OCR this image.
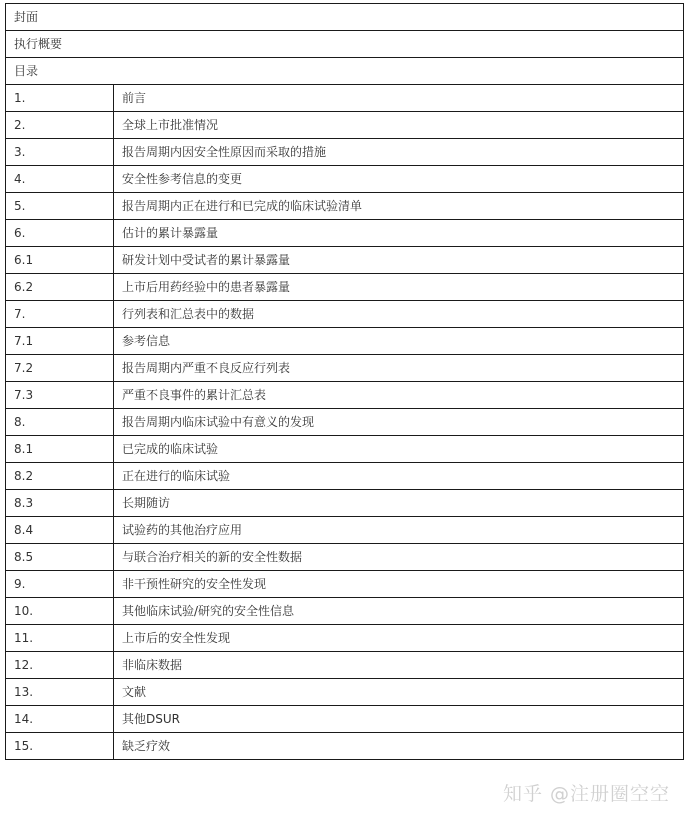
封面	
执行概要	
目录	
1.	前言
2.	全球上市批准情况
3.	报告周期内因安全性原因而采取的措施
4.	安全性参考信息的变更
5.	报告周期内正在进行和已完成的临床试验清单
6.	估计的累计暴露量
6.1	研发计划中受试者的累计暴露量
6.2	上市后用药经验中的患者暴露量
7.	行列表和汇总表中的数据
7.1	参考信息
7.2	报告周期内严重不良反应行列表
7.3	严重不良事件的累计汇总表
8.	报告周期内临床试验中有意义的发现
8.1	已完成的临床试验
8.2	正在进行的临床试验
8.3	长期随访
8.4	试验药的其他治疗应用
8.5	与联合治疗相关的新的安全性数据
9.	非干预性研究的安全性发现
10.	其他临床试验/研究的安全性信息
11.	上市后的安全性发现
12.	非临床数据
13.	文献
14.	其他DSUR
15.	缺乏疗效
知乎 @注册圈空空
